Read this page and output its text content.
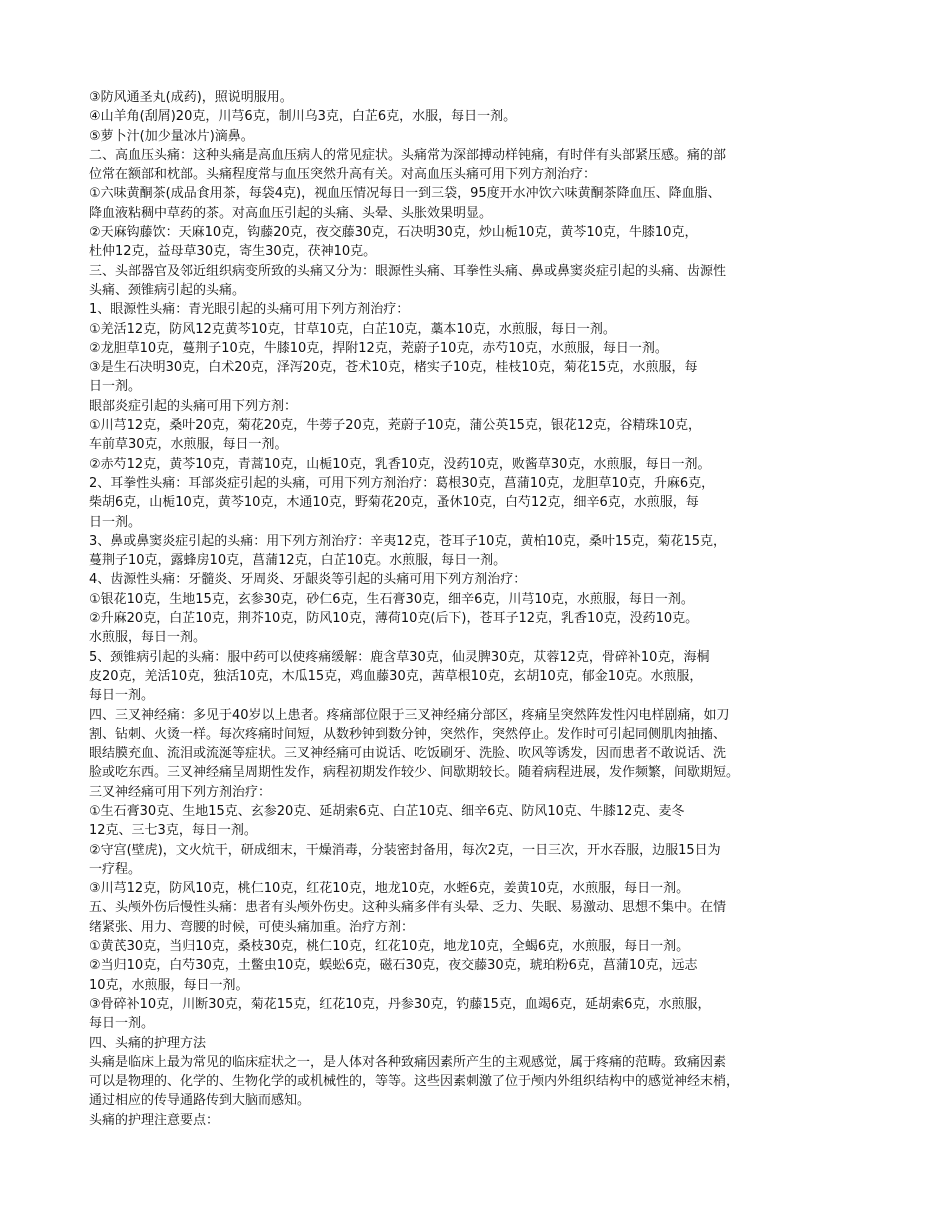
③防风通圣丸(成药)，照说明服用。

④山羊角(刮屑)20克，川芎6克，制川乌3克，白芷6克，水服，每日一剂。

⑤萝卜汁(加少量冰片)滴鼻。

二、高血压头痛：这种头痛是高血压病人的常见症状。头痛常为深部搏动样钝痛，有时伴有头部紧压感。痛的部

位常在额部和枕部。头痛程度常与血压突然升高有关。对高血压头痛可用下列方剂治疗：

①六味黄酮茶(成品食用茶，每袋4克)，视血压情况每日一到三袋，95度开水冲饮六味黄酮茶降血压、降血脂、

降血液粘稠中草药的茶。对高血压引起的头痛、头晕、头胀效果明显。

②天麻钩藤饮：天麻10克，钩藤20克，夜交藤30克，石决明30克，炒山栀10克，黄芩10克，牛膝10克，

杜仲12克，益母草30克，寄生30克，茯神10克。

三、头部器官及邻近组织病变所致的头痛又分为：眼源性头痛、耳拳性头痛、鼻或鼻窦炎症引起的头痛、齿源性

头痛、颈锥病引起的头痛。

1、眼源性头痛：青光眼引起的头痛可用下列方剂治疗：

①羌活12克，防风12克黄芩10克，甘草10克，白芷10克，藁本10克，水煎服，每日一剂。

②龙胆草10克，蔓荆子10克，牛膝10克，捍附12克，茺蔚子10克，赤芍10克，水煎服，每日一剂。

③是生石决明30克，白术20克，泽泻20克，苍术10克，楮实子10克，桂枝10克，菊花15克，水煎服，每

日一剂。

眼部炎症引起的头痛可用下列方剂：

①川芎12克，桑叶20克，菊花20克，牛蒡子20克，茺蔚子10克，蒲公英15克，银花12克，谷精珠10克，

车前草30克，水煎服，每日一剂。

②赤芍12克，黄芩10克，青蒿10克，山栀10克，乳香10克，没药10克，败酱草30克，水煎服，每日一剂。

2、耳拳性头痛：耳部炎症引起的头痛，可用下列方剂治疗：葛根30克，菖蒲10克，龙胆草10克，升麻6克，

柴胡6克，山栀10克，黄芩10克，木通10克，野菊花20克，蚤休10克，白芍12克，细辛6克，水煎服，每

日一剂。

3、鼻或鼻窦炎症引起的头痛：用下列方剂治疗：辛夷12克，苍耳子10克，黄柏10克，桑叶15克，菊花15克，

蔓荆子10克，露蜂房10克，菖蒲12克，白芷10克。水煎服，每日一剂。

4、齿源性头痛：牙髓炎、牙周炎、牙龈炎等引起的头痛可用下列方剂治疗：

①银花10克，生地15克，玄参30克，砂仁6克，生石膏30克，细辛6克，川芎10克，水煎服，每日一剂。

②升麻20克，白芷10克，荆芥10克，防风10克，薄荷10克(后下)，苍耳子12克，乳香10克，没药10克。

水煎服，每日一剂。

5、颈锥病引起的头痛：服中药可以使疼痛缓解：鹿含草30克，仙灵脾30克，苁蓉12克，骨碎补10克，海桐

皮20克，羌活10克，独活10克，木瓜15克，鸡血藤30克，茜草根10克，玄胡10克，郁金10克。水煎服，

每日一剂。

四、三叉神经痛：多见于40岁以上患者。疼痛部位限于三叉神经痛分部区，疼痛呈突然阵发性闪电样剧痛，如刀

割、钻刺、火烫一样。每次疼痛时间短，从数秒钟到数分钟，突然作，突然停止。发作时可引起同侧肌肉抽搐、

眼结膜充血、流泪或流涎等症状。三叉神经痛可由说话、吃饭刷牙、洗脸、吹风等诱发，因而患者不敢说话、洗

脸或吃东西。三叉神经痛呈周期性发作，病程初期发作较少、间歇期较长。随着病程进展，发作频繁，间歇期短。

三叉神经痛可用下列方剂治疗：

①生石膏30克、生地15克、玄参20克、延胡索6克、白芷10克、细辛6克、防风10克、牛膝12克、麦冬

12克、三七3克，每日一剂。

②守宫(壁虎)，文火炕干，研成细末，干燥消毒，分装密封备用，每次2克，一日三次，开水吞服，边服15日为

一疗程。

③川芎12克，防风10克，桃仁10克，红花10克，地龙10克，水蛭6克，姜黄10克，水煎服，每日一剂。

五、头颅外伤后慢性头痛：患者有头颅外伤史。这种头痛多伴有头晕、乏力、失眠、易激动、思想不集中。在情

绪紧张、用力、弯腰的时候，可使头痛加重。治疗方剂：

①黄芪30克，当归10克，桑枝30克，桃仁10克，红花10克，地龙10克，全蝎6克，水煎服，每日一剂。

②当归10克，白芍30克，土鳖虫10克，蜈蚣6克，磁石30克，夜交藤30克，琥珀粉6克，菖蒲10克，远志

10克，水煎服，每日一剂。

③骨碎补10克，川断30克，菊花15克，红花10克，丹参30克，钓藤15克，血竭6克，延胡索6克，水煎服，

每日一剂。

四、头痛的护理方法

头痛是临床上最为常见的临床症状之一，是人体对各种致痛因素所产生的主观感觉，属于疼痛的范畴。致痛因素

可以是物理的、化学的、生物化学的或机械性的，等等。这些因素刺激了位于颅内外组织结构中的感觉神经末梢，

通过相应的传导通路传到大脑而感知。

头痛的护理注意要点：
